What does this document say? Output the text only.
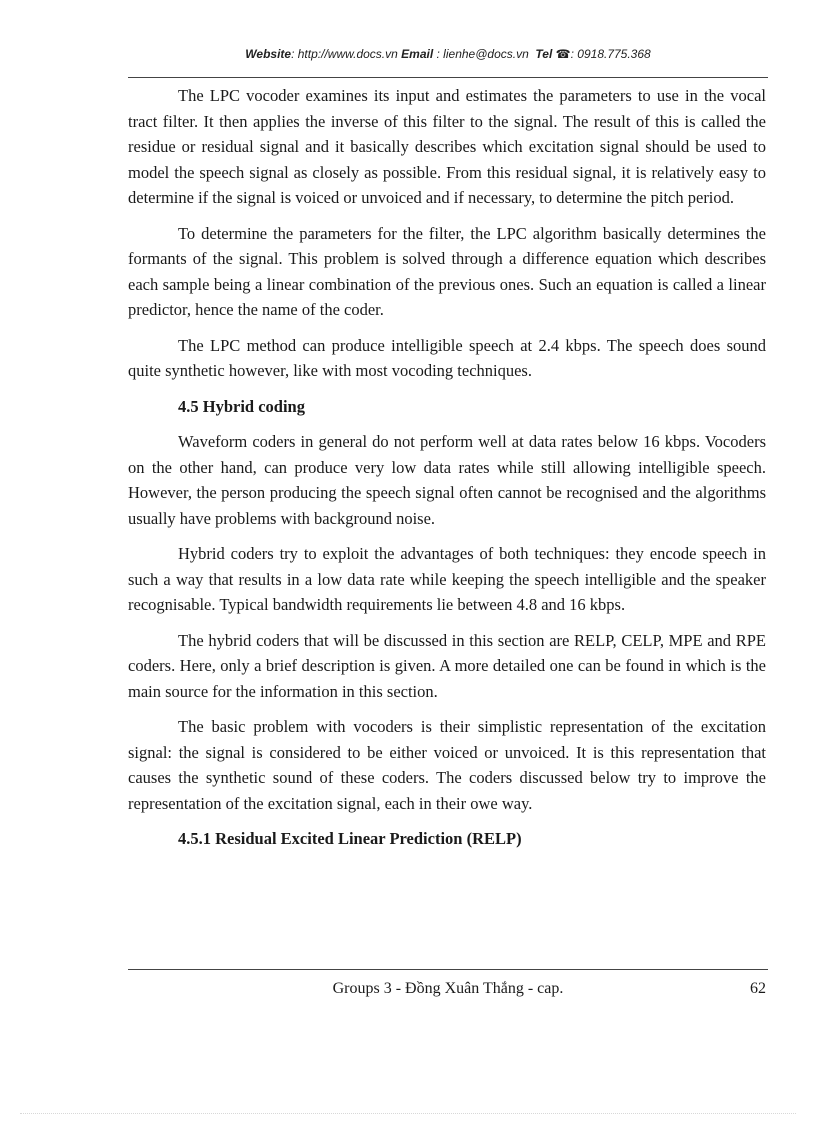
Website: http://www.docs.vn Email : lienhe@docs.vn Tel ☎: 0918.775.368

The LPC vocoder examines its input and estimates the parameters to use in the vocal tract filter. It then applies the inverse of this filter to the signal. The result of this is called the residue or residual signal and it basically describes which excitation signal should be used to model the speech signal as closely as possible. From this residual signal, it is relatively easy to determine if the signal is voiced or unvoiced and if necessary, to determine the pitch period.

To determine the parameters for the filter, the LPC algorithm basically determines the formants of the signal. This problem is solved through a difference equation which describes each sample being a linear combination of the previous ones. Such an equation is called a linear predictor, hence the name of the coder.

The LPC method can produce intelligible speech at 2.4 kbps. The speech does sound quite synthetic however, like with most vocoding techniques.

4.5 Hybrid coding

Waveform coders in general do not perform well at data rates below 16 kbps. Vocoders on the other hand, can produce very low data rates while still allowing intelligible speech. However, the person producing the speech signal often cannot be recognised and the algorithms usually have problems with background noise.

Hybrid coders try to exploit the advantages of both techniques: they encode speech in such a way that results in a low data rate while keeping the speech intelligible and the speaker recognisable. Typical bandwidth requirements lie between 4.8 and 16 kbps.

The hybrid coders that will be discussed in this section are RELP, CELP, MPE and RPE coders. Here, only a brief description is given. A more detailed one can be found in which is the main source for the information in this section.

The basic problem with vocoders is their simplistic representation of the excitation signal: the signal is considered to be either voiced or unvoiced. It is this representation that causes the synthetic sound of these coders. The coders discussed below try to improve the representation of the excitation signal, each in their owe way.

4.5.1 Residual Excited Linear Prediction (RELP)
Groups 3 - Đồng Xuân Thắng - cap.	62
